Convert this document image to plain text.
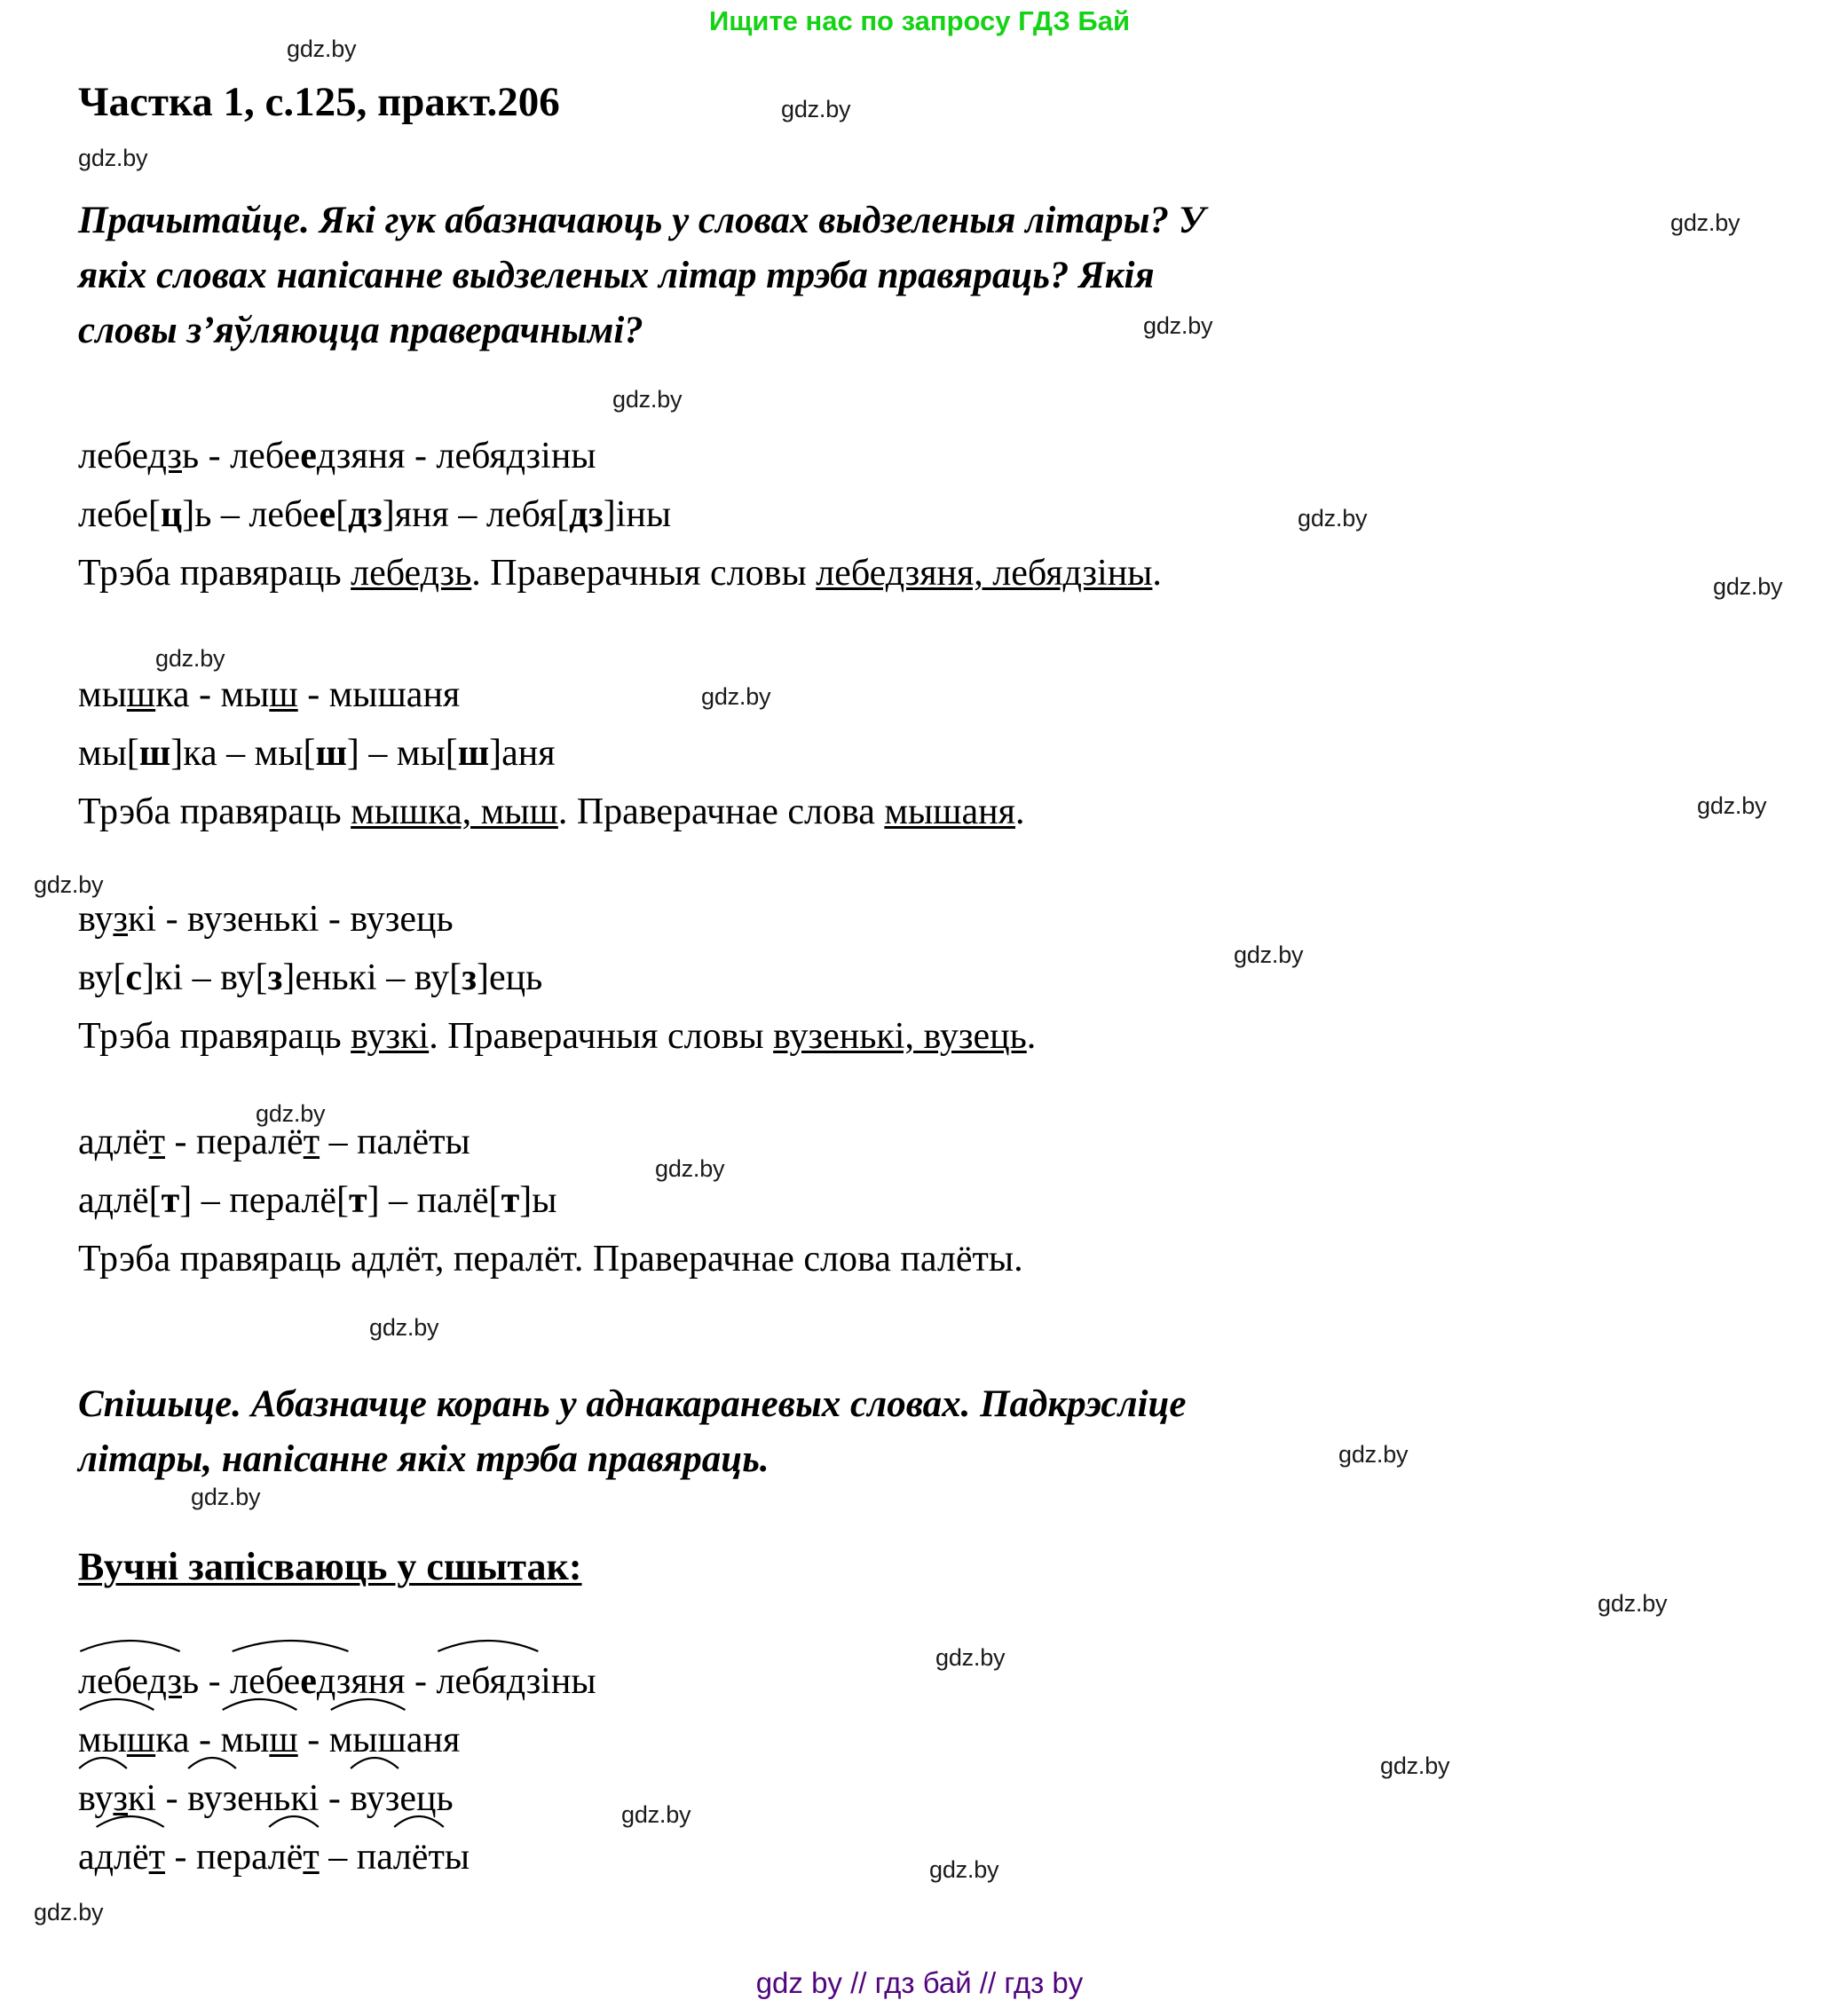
Ищите нас по запросу ГДЗ Бай
gdz.by
gdz.by
gdz.by
gdz.by
gdz.by
gdz.by
gdz.by
gdz.by
gdz.by
gdz.by
gdz.by
gdz.by
gdz.by
gdz.by
gdz.by
gdz.by
gdz.by
gdz.by
gdz.by
gdz.by
gdz.by
gdz.by
gdz.by
gdz.by
Частка 1, с.125, практ.206
Прачытайце. Які гук абазначаюць у словах выдзеленыя літары? У
якіх словах напісанне выдзеленых літар трэба правяраць? Якія
словы з’яўляюцца праверачнымі?
лебедзь - лебеедзяня - лебядзіны
лебе[ц]ь – лебее[дз]яня – лебя[дз]іны
Трэба правяраць лебедзь. Праверачныя словы лебедзяня, лебядзіны.
мышка - мыш - мышаня
мы[ш]ка – мы[ш] – мы[ш]аня
Трэба правяраць мышка, мыш. Праверачнае слова мышаня.
вузкі - вузенькі - вузець
ву[с]кі – ву[з]енькі – ву[з]ець
Трэба правяраць вузкі. Праверачныя словы вузенькі, вузець.
адлёт - пералёт – палёты
адлё[т] – пералё[т] – палё[т]ы
Трэба правяраць адлёт, пералёт. Праверачнае слова палёты.
Спішыце. Абазначце корань у аднакараневых словах. Падкрэсліце
літары, напісанне якіх трэба правяраць.
Вучні запісваюць у сшытак:
лебедзь -
лебеедзяня -
лебядзіны
мышка -
мыш -
мышаня
вузкі -
вузенькі -
вузець
а
длёт - пера
лёт – па
лёты
gdz by // гдз бай // гдз by
